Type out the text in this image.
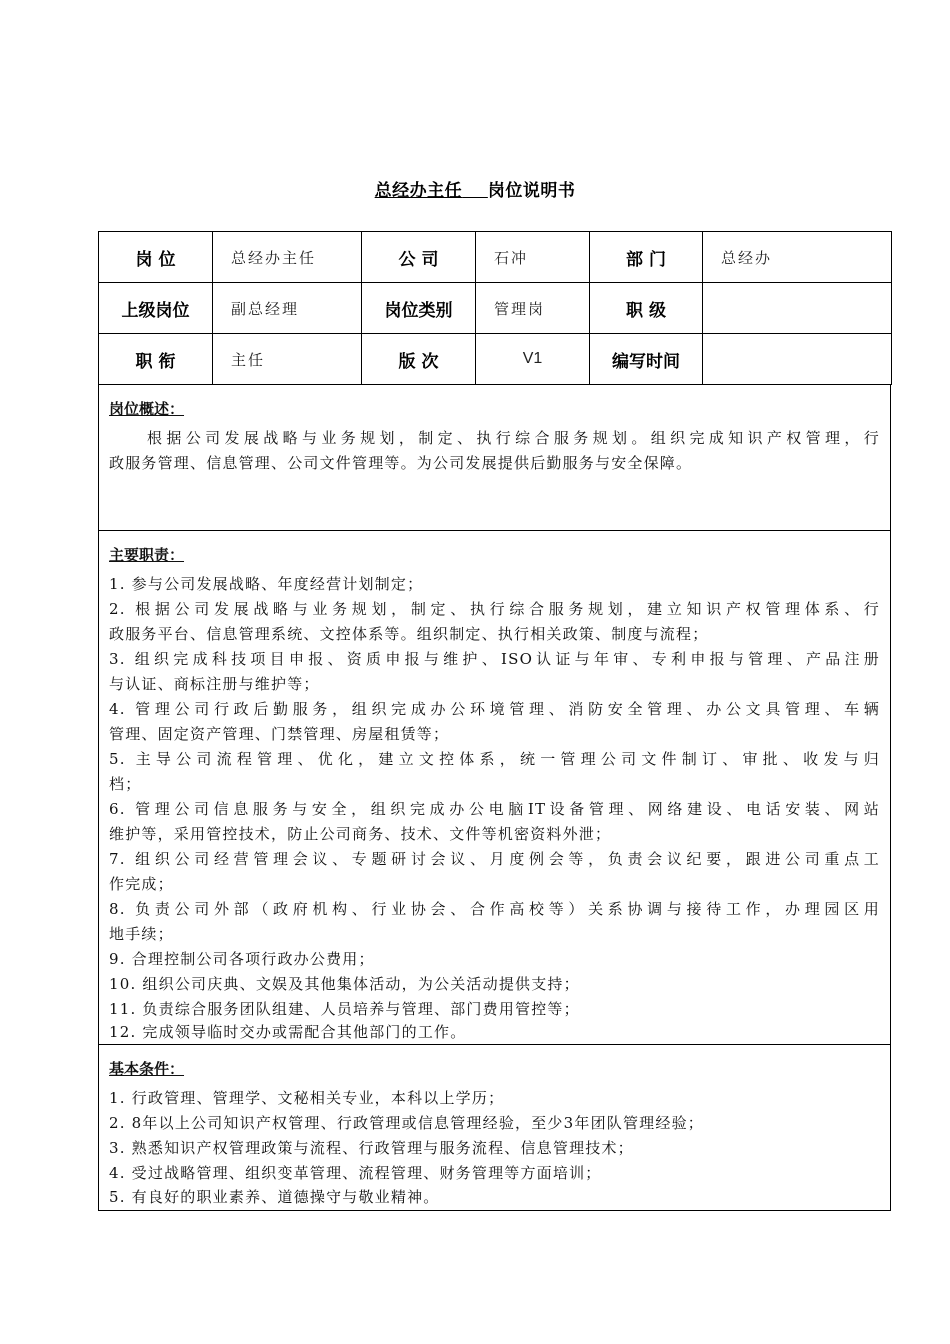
总经办主任 岗位说明书
岗 位	总经办主任	公 司	石冲	部 门	总经办
上级岗位	副总经理	岗位类别	管理岗	职 级	
职 衔	主任	版 次	V1	编写时间	
岗位概述：
根据公司发展战略与业务规划，制定、执行综合服务规划。组织完成知识产权管理，行
政服务管理、信息管理、公司文件管理等。为公司发展提供后勤服务与安全保障。
主要职责：
1. 参与公司发展战略、年度经营计划制定；
2. 根据公司发展战略与业务规划，制定、执行综合服务规划，建立知识产权管理体系、行
政服务平台、信息管理系统、文控体系等。组织制定、执行相关政策、制度与流程；
3. 组织完成科技项目申报、资质申报与维护、ISO认证与年审、专利申报与管理、产品注册
与认证、商标注册与维护等；
4. 管理公司行政后勤服务，组织完成办公环境管理、消防安全管理、办公文具管理、车辆
管理、固定资产管理、门禁管理、房屋租赁等；
5. 主导公司流程管理、优化，建立文控体系，统一管理公司文件制订、审批、收发与归
档；
6. 管理公司信息服务与安全，组织完成办公电脑IT设备管理、网络建设、电话安装、网站
维护等，采用管控技术，防止公司商务、技术、文件等机密资料外泄；
7. 组织公司经营管理会议、专题研讨会议、月度例会等，负责会议纪要，跟进公司重点工
作完成；
8. 负责公司外部（政府机构、行业协会、合作高校等）关系协调与接待工作，办理园区用
地手续；
9. 合理控制公司各项行政办公费用；
10. 组织公司庆典、文娱及其他集体活动，为公关活动提供支持；
11. 负责综合服务团队组建、人员培养与管理、部门费用管控等；
12. 完成领导临时交办或需配合其他部门的工作。
基本条件：
1. 行政管理、管理学、文秘相关专业，本科以上学历；
2. 8年以上公司知识产权管理、行政管理或信息管理经验，至少3年团队管理经验；
3. 熟悉知识产权管理政策与流程、行政管理与服务流程、信息管理技术；
4. 受过战略管理、组织变革管理、流程管理、财务管理等方面培训；
5. 有良好的职业素养、道德操守与敬业精神。
